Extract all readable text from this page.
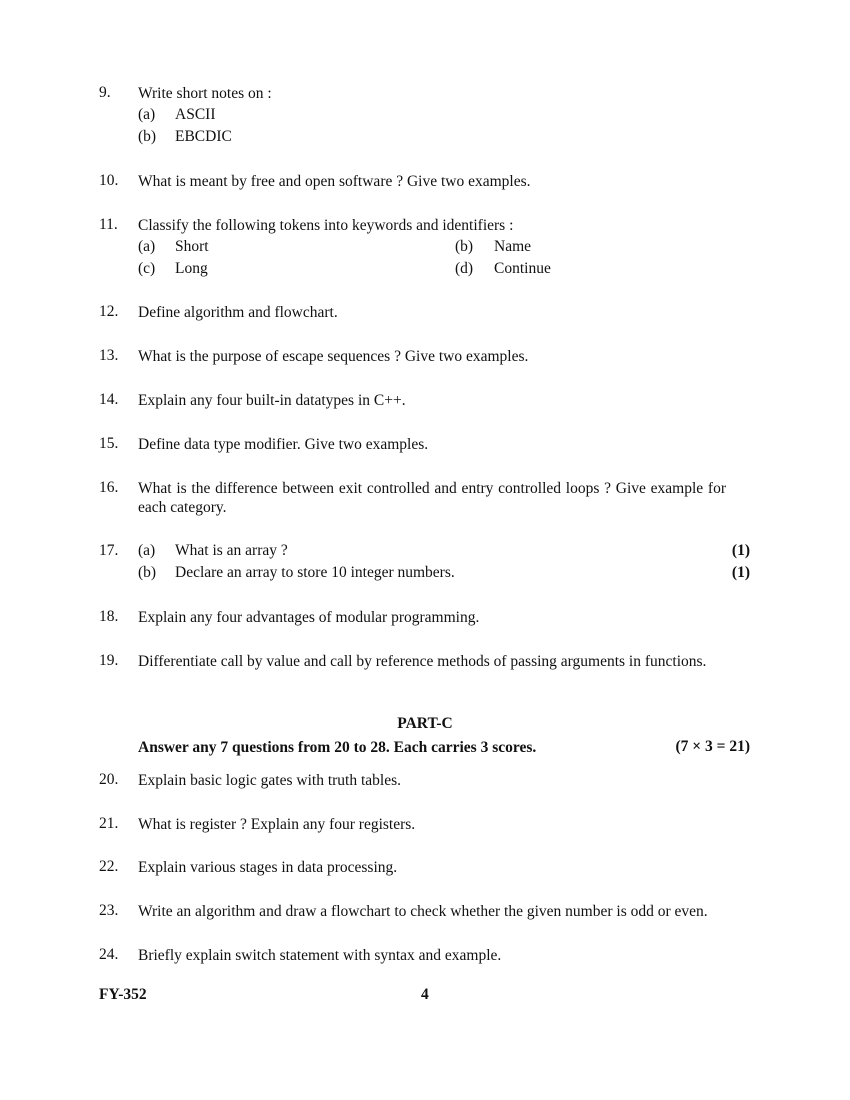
9. Write short notes on :
(a) ASCII
(b) EBCDIC
10. What is meant by free and open software ? Give two examples.
11. Classify the following tokens into keywords and identifiers :
(a) Short	(b) Name
(c) Long	(d) Continue
12. Define algorithm and flowchart.
13. What is the purpose of escape sequences ? Give two examples.
14. Explain any four built-in datatypes in C++.
15. Define data type modifier. Give two examples.
16. What is the difference between exit controlled and entry controlled loops ? Give example for each category.
17. (a) What is an array ?	(1)
(b) Declare an array to store 10 integer numbers.	(1)
18. Explain any four advantages of modular programming.
19. Differentiate call by value and call by reference methods of passing arguments in functions.
PART-C
Answer any 7 questions from 20 to 28. Each carries 3 scores.	(7 × 3 = 21)
20. Explain basic logic gates with truth tables.
21. What is register ? Explain any four registers.
22. Explain various stages in data processing.
23. Write an algorithm and draw a flowchart to check whether the given number is odd or even.
24. Briefly explain switch statement with syntax and example.
FY-352	4
